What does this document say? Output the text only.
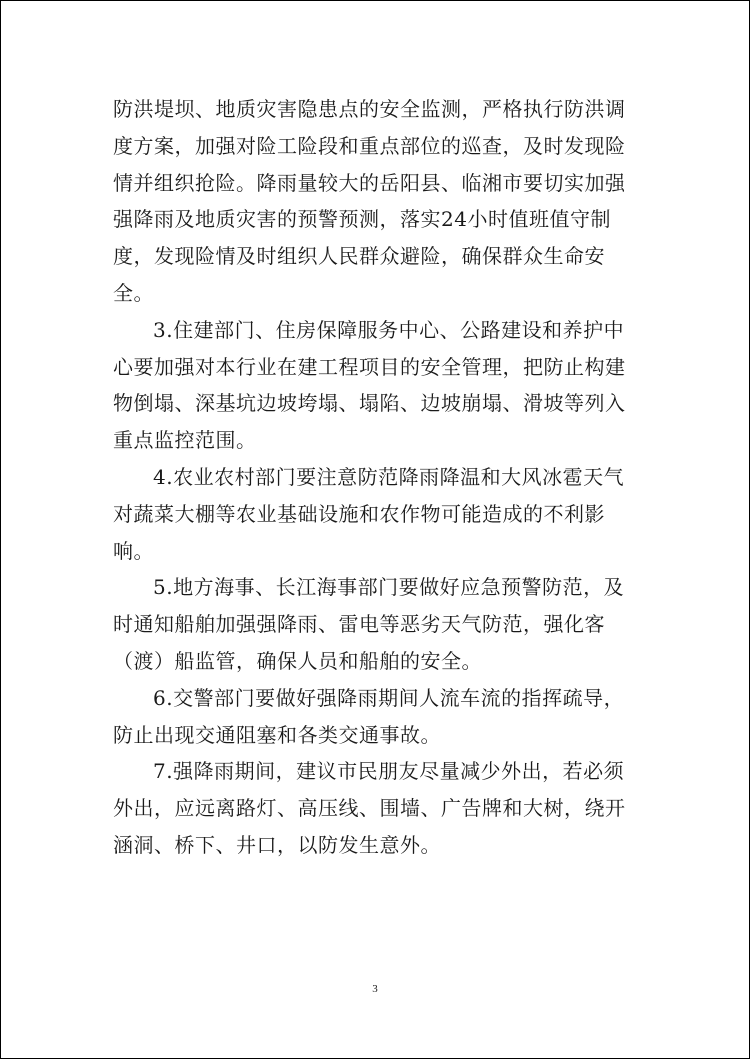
防洪堤坝、地质灾害隐患点的安全监测，严格执行防洪调
度方案，加强对险工险段和重点部位的巡查，及时发现险
情并组织抢险。降雨量较大的岳阳县、临湘市要切实加强
强降雨及地质灾害的预警预测，落实24小时值班值守制
度，发现险情及时组织人民群众避险，确保群众生命安
全。
3.住建部门、住房保障服务中心、公路建设和养护中
心要加强对本行业在建工程项目的安全管理，把防止构建
物倒塌、深基坑边坡垮塌、塌陷、边坡崩塌、滑坡等列入
重点监控范围。
4.农业农村部门要注意防范降雨降温和大风冰雹天气
对蔬菜大棚等农业基础设施和农作物可能造成的不利影
响。
5.地方海事、长江海事部门要做好应急预警防范，及
时通知船舶加强强降雨、雷电等恶劣天气防范，强化客
（渡）船监管，确保人员和船舶的安全。
6.交警部门要做好强降雨期间人流车流的指挥疏导，
防止出现交通阻塞和各类交通事故。
7.强降雨期间，建议市民朋友尽量减少外出，若必须
外出，应远离路灯、高压线、围墙、广告牌和大树，绕开
涵洞、桥下、井口，以防发生意外。
3
